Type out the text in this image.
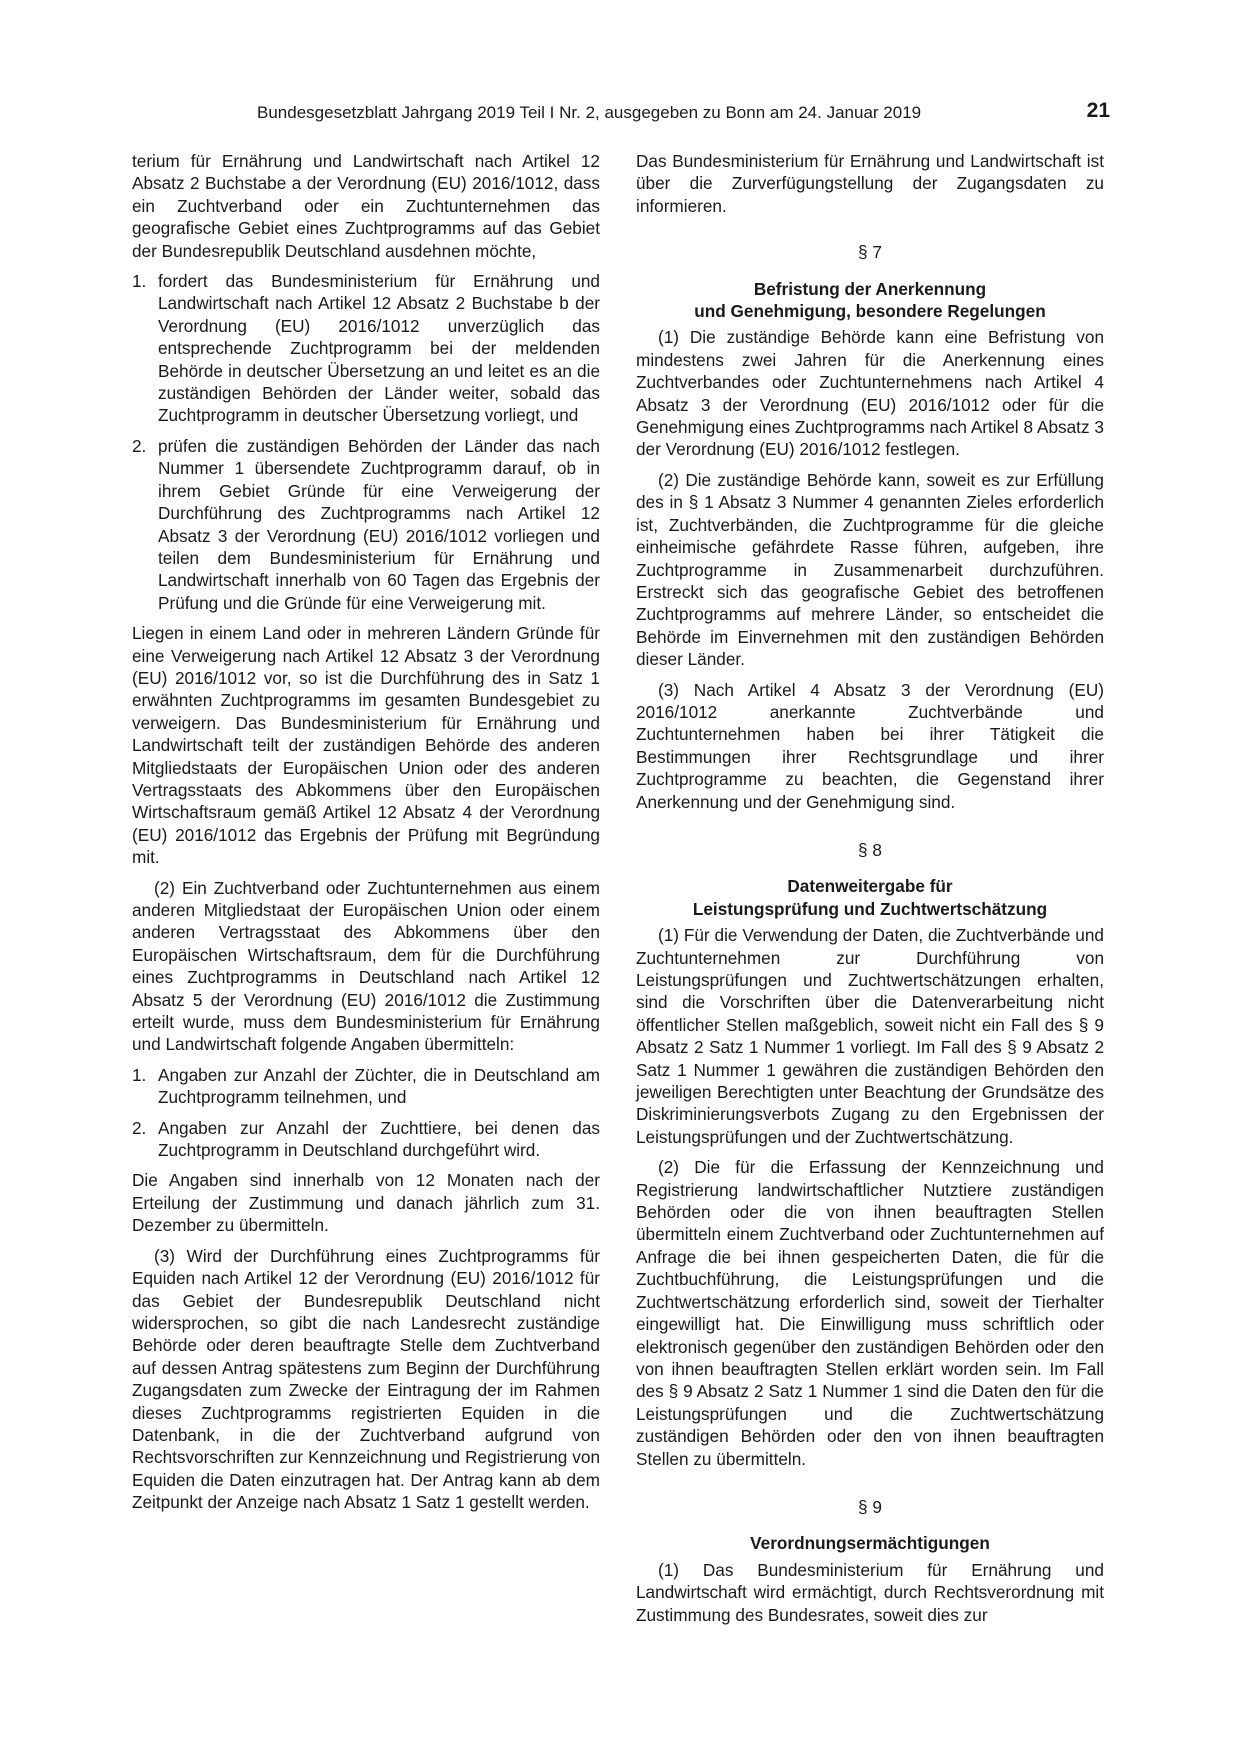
Bundesgesetzblatt Jahrgang 2019 Teil I Nr. 2, ausgegeben zu Bonn am 24. Januar 2019	21

terium für Ernährung und Landwirtschaft nach Artikel 12 Absatz 2 Buchstabe a der Verordnung (EU) 2016/1012, dass ein Zuchtverband oder ein Zuchtunternehmen das geografische Gebiet eines Zuchtprogramms auf das Gebiet der Bundesrepublik Deutschland ausdehnen möchte,

1. fordert das Bundesministerium für Ernährung und Landwirtschaft nach Artikel 12 Absatz 2 Buchstabe b der Verordnung (EU) 2016/1012 unverzüglich das entsprechende Zuchtprogramm bei der meldenden Behörde in deutscher Übersetzung an und leitet es an die zuständigen Behörden der Länder weiter, sobald das Zuchtprogramm in deutscher Übersetzung vorliegt, und
2. prüfen die zuständigen Behörden der Länder das nach Nummer 1 übersendete Zuchtprogramm darauf, ob in ihrem Gebiet Gründe für eine Verweigerung der Durchführung des Zuchtprogramms nach Artikel 12 Absatz 3 der Verordnung (EU) 2016/1012 vorliegen und teilen dem Bundesministerium für Ernährung und Landwirtschaft innerhalb von 60 Tagen das Ergebnis der Prüfung und die Gründe für eine Verweigerung mit.

Liegen in einem Land oder in mehreren Ländern Gründe für eine Verweigerung nach Artikel 12 Absatz 3 der Verordnung (EU) 2016/1012 vor, so ist die Durchführung des in Satz 1 erwähnten Zuchtprogramms im gesamten Bundesgebiet zu verweigern. Das Bundesministerium für Ernährung und Landwirtschaft teilt der zuständigen Behörde des anderen Mitgliedstaats der Europäischen Union oder des anderen Vertragsstaats des Abkommens über den Europäischen Wirtschaftsraum gemäß Artikel 12 Absatz 4 der Verordnung (EU) 2016/1012 das Ergebnis der Prüfung mit Begründung mit.

(2) Ein Zuchtverband oder Zuchtunternehmen aus einem anderen Mitgliedstaat der Europäischen Union oder einem anderen Vertragsstaat des Abkommens über den Europäischen Wirtschaftsraum, dem für die Durchführung eines Zuchtprogramms in Deutschland nach Artikel 12 Absatz 5 der Verordnung (EU) 2016/1012 die Zustimmung erteilt wurde, muss dem Bundesministerium für Ernährung und Landwirtschaft folgende Angaben übermitteln:

1. Angaben zur Anzahl der Züchter, die in Deutschland am Zuchtprogramm teilnehmen, und
2. Angaben zur Anzahl der Zuchttiere, bei denen das Zuchtprogramm in Deutschland durchgeführt wird.

Die Angaben sind innerhalb von 12 Monaten nach der Erteilung der Zustimmung und danach jährlich zum 31. Dezember zu übermitteln.

(3) Wird der Durchführung eines Zuchtprogramms für Equiden nach Artikel 12 der Verordnung (EU) 2016/1012 für das Gebiet der Bundesrepublik Deutschland nicht widersprochen, so gibt die nach Landesrecht zuständige Behörde oder deren beauftragte Stelle dem Zuchtverband auf dessen Antrag spätestens zum Beginn der Durchführung Zugangsdaten zum Zwecke der Eintragung der im Rahmen dieses Zuchtprogramms registrierten Equiden in die Datenbank, in die der Zuchtverband aufgrund von Rechtsvorschriften zur Kennzeichnung und Registrierung von Equiden die Daten einzutragen hat. Der Antrag kann ab dem Zeitpunkt der Anzeige nach Absatz 1 Satz 1 gestellt werden.

Das Bundesministerium für Ernährung und Landwirtschaft ist über die Zurverfügungstellung der Zugangsdaten zu informieren.

§ 7
Befristung der Anerkennung
und Genehmigung, besondere Regelungen

(1) Die zuständige Behörde kann eine Befristung von mindestens zwei Jahren für die Anerkennung eines Zuchtverbandes oder Zuchtunternehmens nach Artikel 4 Absatz 3 der Verordnung (EU) 2016/1012 oder für die Genehmigung eines Zuchtprogramms nach Artikel 8 Absatz 3 der Verordnung (EU) 2016/1012 festlegen.

(2) Die zuständige Behörde kann, soweit es zur Erfüllung des in § 1 Absatz 3 Nummer 4 genannten Zieles erforderlich ist, Zuchtverbänden, die Zuchtprogramme für die gleiche einheimische gefährdete Rasse führen, aufgeben, ihre Zuchtprogramme in Zusammenarbeit durchzuführen. Erstreckt sich das geografische Gebiet des betroffenen Zuchtprogramms auf mehrere Länder, so entscheidet die Behörde im Einvernehmen mit den zuständigen Behörden dieser Länder.

(3) Nach Artikel 4 Absatz 3 der Verordnung (EU) 2016/1012 anerkannte Zuchtverbände und Zuchtunternehmen haben bei ihrer Tätigkeit die Bestimmungen ihrer Rechtsgrundlage und ihrer Zuchtprogramme zu beachten, die Gegenstand ihrer Anerkennung und der Genehmigung sind.

§ 8
Datenweitergabe für
Leistungsprüfung und Zuchtwertschätzung

(1) Für die Verwendung der Daten, die Zuchtverbände und Zuchtunternehmen zur Durchführung von Leistungsprüfungen und Zuchtwertschätzungen erhalten, sind die Vorschriften über die Datenverarbeitung nicht öffentlicher Stellen maßgeblich, soweit nicht ein Fall des § 9 Absatz 2 Satz 1 Nummer 1 vorliegt. Im Fall des § 9 Absatz 2 Satz 1 Nummer 1 gewähren die zuständigen Behörden den jeweiligen Berechtigten unter Beachtung der Grundsätze des Diskriminierungsverbots Zugang zu den Ergebnissen der Leistungsprüfungen und der Zuchtwertschätzung.

(2) Die für die Erfassung der Kennzeichnung und Registrierung landwirtschaftlicher Nutztiere zuständigen Behörden oder die von ihnen beauftragten Stellen übermitteln einem Zuchtverband oder Zuchtunternehmen auf Anfrage die bei ihnen gespeicherten Daten, die für die Zuchtbuchführung, die Leistungsprüfungen und die Zuchtwertschätzung erforderlich sind, soweit der Tierhalter eingewilligt hat. Die Einwilligung muss schriftlich oder elektronisch gegenüber den zuständigen Behörden oder den von ihnen beauftragten Stellen erklärt worden sein. Im Fall des § 9 Absatz 2 Satz 1 Nummer 1 sind die Daten den für die Leistungsprüfungen und die Zuchtwertschätzung zuständigen Behörden oder den von ihnen beauftragten Stellen zu übermitteln.

§ 9
Verordnungsermächtigungen

(1) Das Bundesministerium für Ernährung und Landwirtschaft wird ermächtigt, durch Rechtsverordnung mit Zustimmung des Bundesrates, soweit dies zur
